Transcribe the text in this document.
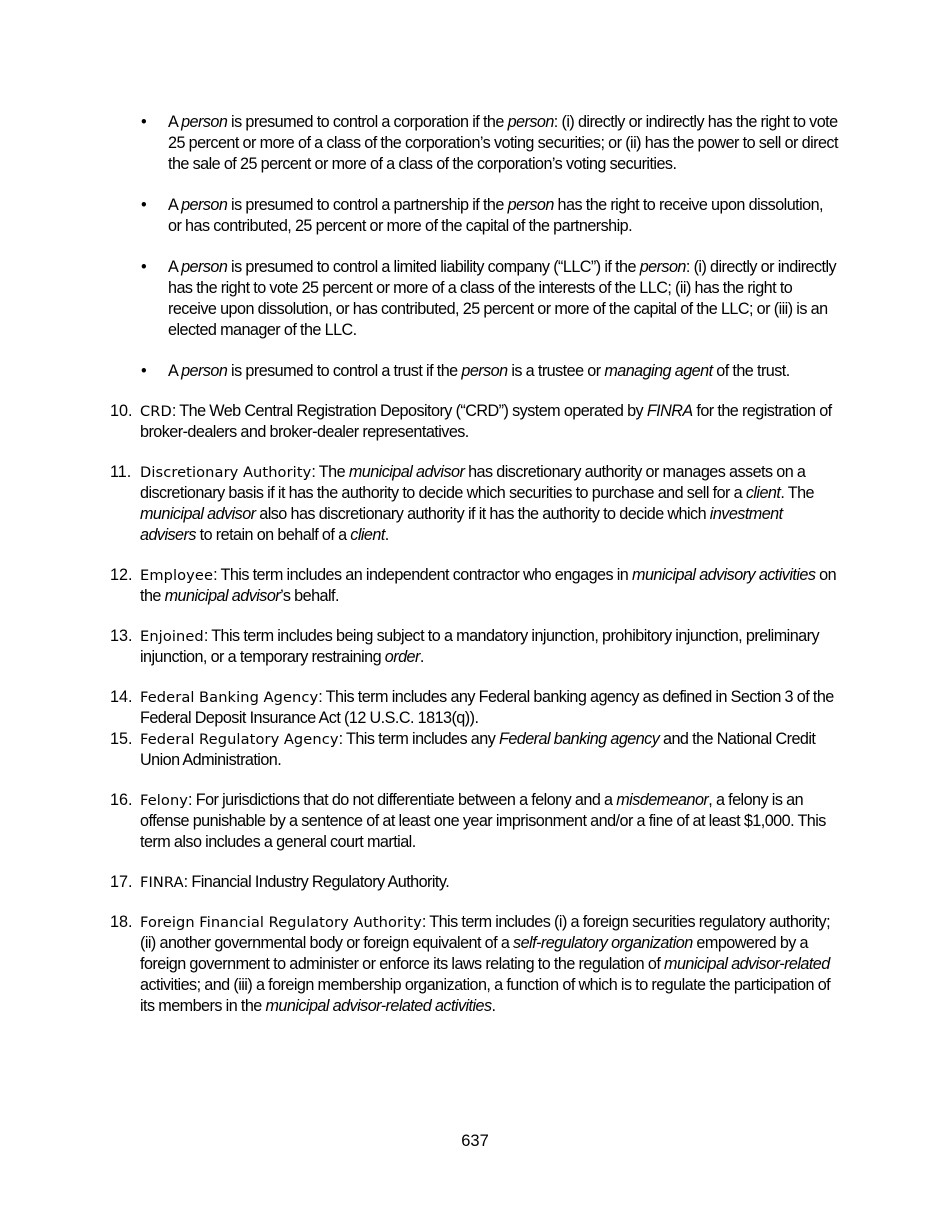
• A person is presumed to control a corporation if the person: (i) directly or indirectly has the right to vote 25 percent or more of a class of the corporation’s voting securities; or (ii) has the power to sell or direct the sale of 25 percent or more of a class of the corporation’s voting securities.
• A person is presumed to control a partnership if the person has the right to receive upon dissolution, or has contributed, 25 percent or more of the capital of the partnership.
• A person is presumed to control a limited liability company (“LLC”) if the person: (i) directly or indirectly has the right to vote 25 percent or more of a class of the interests of the LLC; (ii) has the right to receive upon dissolution, or has contributed, 25 percent or more of the capital of the LLC; or (iii) is an elected manager of the LLC.
• A person is presumed to control a trust if the person is a trustee or managing agent of the trust.
10. CRD: The Web Central Registration Depository (“CRD”) system operated by FINRA for the registration of broker-dealers and broker-dealer representatives.
11. Discretionary Authority: The municipal advisor has discretionary authority or manages assets on a discretionary basis if it has the authority to decide which securities to purchase and sell for a client. The municipal advisor also has discretionary authority if it has the authority to decide which investment advisers to retain on behalf of a client.
12. Employee: This term includes an independent contractor who engages in municipal advisory activities on the municipal advisor’s behalf.
13. Enjoined: This term includes being subject to a mandatory injunction, prohibitory injunction, preliminary injunction, or a temporary restraining order.
14. Federal Banking Agency: This term includes any Federal banking agency as defined in Section 3 of the Federal Deposit Insurance Act (12 U.S.C. 1813(q)).
15. Federal Regulatory Agency: This term includes any Federal banking agency and the National Credit Union Administration.
16. Felony: For jurisdictions that do not differentiate between a felony and a misdemeanor, a felony is an offense punishable by a sentence of at least one year imprisonment and/or a fine of at least $1,000. This term also includes a general court martial.
17. FINRA: Financial Industry Regulatory Authority.
18. Foreign Financial Regulatory Authority: This term includes (i) a foreign securities regulatory authority; (ii) another governmental body or foreign equivalent of a self-regulatory organization empowered by a foreign government to administer or enforce its laws relating to the regulation of municipal advisor-related activities; and (iii) a foreign membership organization, a function of which is to regulate the participation of its members in the municipal advisor-related activities.
637
